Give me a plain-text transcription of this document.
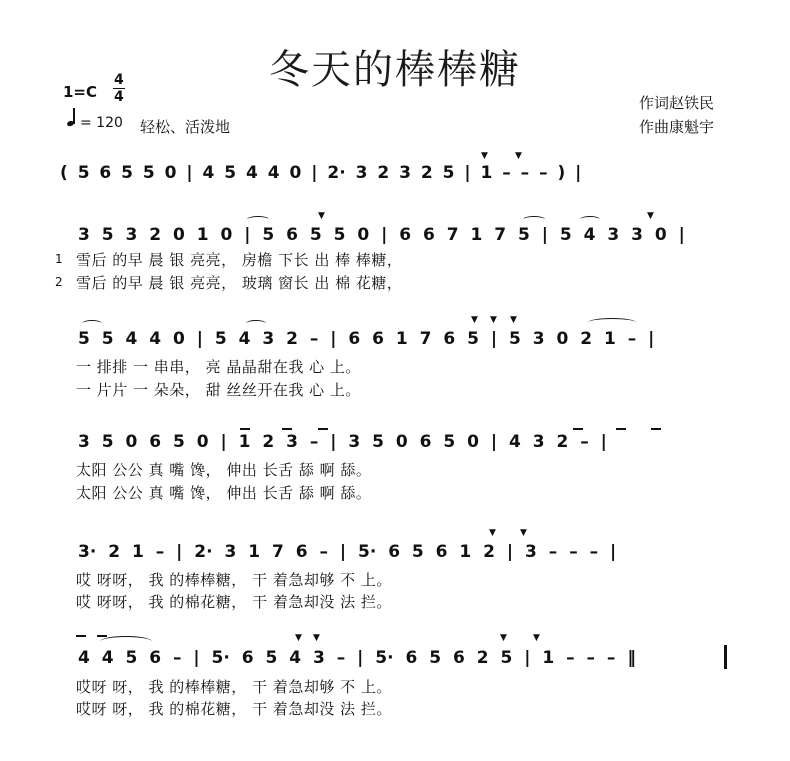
冬天的棒棒糖
1=C
4
4
= 120 轻松、活泼地
作词赵铁民
作曲康魁宇
( 5 6 5 5 0 | 4 5 4 4 0 | 2· 3 2 3 2 5 | 1 – – – ) |
3 5 3 2 0 1 0 | 5 6 5 5 0 | 6 6 7 1 7 5 | 5 4 3 3 0 |
1 雪后 的早 晨 银 亮亮， 房檐 下长 出 棒 棒糖，
2 雪后 的早 晨 银 亮亮， 玻璃 窗长 出 棉 花糖，
5 5 4 4 0 | 5 4 3 2 – | 6 6 1 7 6 5 | 5 3 0 2 1 – |
一 排排 一 串串， 亮 晶晶甜在我 心 上。
一 片片 一 朵朵， 甜 丝丝开在我 心 上。
3 5 0 6 5 0 | 1 2 3 – | 3 5 0 6 5 0 | 4 3 2 – |
太阳 公公 真 嘴 馋， 伸出 长舌 舔 啊 舔。
太阳 公公 真 嘴 馋， 伸出 长舌 舔 啊 舔。
3· 2 1 – | 2· 3 1 7 6 – | 5· 6 5 6 1 2 | 3 – – – |
哎 呀呀， 我 的棒棒糖， 干 着急却够 不 上。
哎 呀呀， 我 的棉花糖， 干 着急却没 法 拦。
4 4 5 6 – | 5· 6 5 4 3 – | 5· 6 5 6 2 5 | 1 – – – ‖
哎呀 呀， 我 的棒棒糖， 干 着急却够 不 上。
哎呀 呀， 我 的棉花糖， 干 着急却没 法 拦。
▼	▼
▼	▼
▼ ▼ ▼
▼	▼
▼ ▼	▼	▼
